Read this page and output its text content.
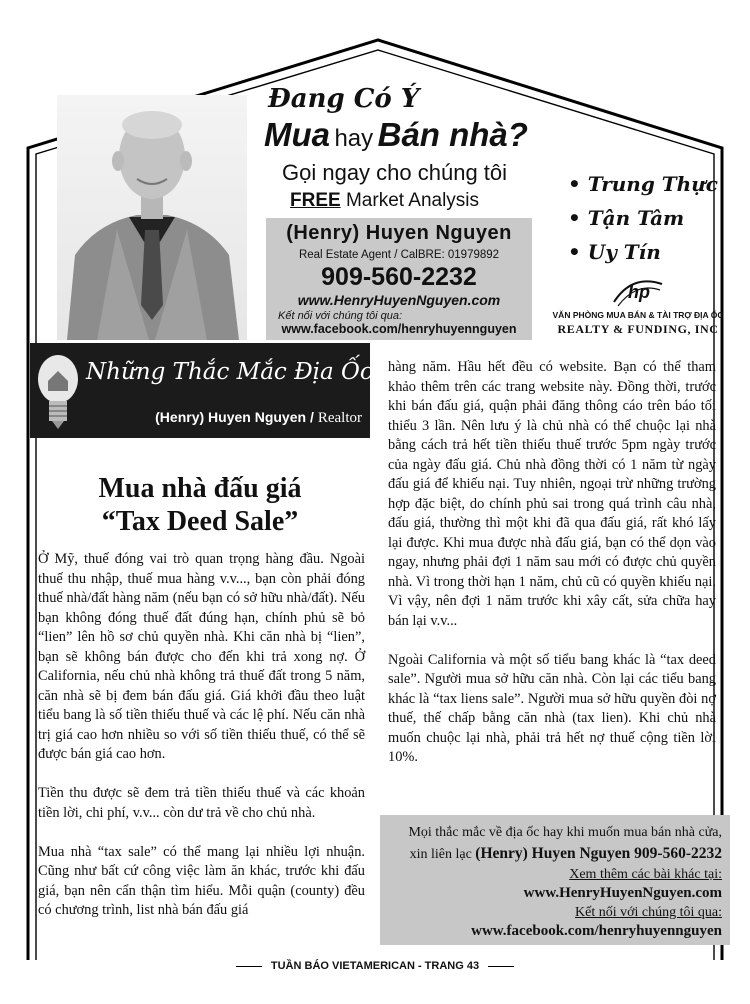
Đang Có Ý
Mua hay Bán nhà?
Gọi ngay cho chúng tôi
FREE Market Analysis
(Henry) Huyen Nguyen
Real Estate Agent / CalBRE: 01979892
909-560-2232
www.HenryHuyenNguyen.com
Kết nối với chúng tôi qua:
www.facebook.com/henryhuyennguyen
• Trung Thực
• Tận Tâm
• Uy Tín
hp
VĂN PHÒNG MUA BÁN & TÀI TRỢ ĐỊA ỐC
REALTY & FUNDING, INC
Những Thắc Mắc Địa Ốc
(Henry) Huyen Nguyen / Realtor
Mua nhà đấu giá
“Tax Deed Sale”

Ở Mỹ, thuế đóng vai trò quan trọng hàng đầu. Ngoài thuế thu nhập, thuế mua hàng v.v..., bạn còn phải đóng thuế nhà/đất hàng năm (nếu bạn có sở hữu nhà/đất). Nếu bạn không đóng thuế đất đúng hạn, chính phủ sẽ bỏ “lien” lên hồ sơ chủ quyền nhà. Khi căn nhà bị “lien”, bạn sẽ không bán được cho đến khi trả xong nợ. Ở California, nếu chủ nhà không trả thuế đất trong 5 năm, căn nhà sẽ bị đem bán đấu giá. Giá khởi đầu theo luật tiểu bang là số tiền thiếu thuế và các lệ phí. Nếu căn nhà trị giá cao hơn nhiều so với số tiền thiếu thuế, có thể sẽ được bán giá cao hơn.

Tiền thu được sẽ đem trả tiền thiếu thuế và các khoản tiền lời, chi phí, v.v... còn dư trả về cho chủ nhà.

Mua nhà “tax sale” có thể mang lại nhiều lợi nhuận. Cũng như bất cứ công việc làm ăn khác, trước khi đấu giá, bạn nên cẩn thận tìm hiểu. Mỗi quận (county) đều có chương trình, list nhà bán đấu giá

hàng năm. Hầu hết đều có website. Bạn có thể tham khảo thêm trên các trang website này. Đồng thời, trước khi bán đấu giá, quận phải đăng thông cáo trên báo tối thiểu 3 lần. Nên lưu ý là chủ nhà có thể chuộc lại nhà bằng cách trả hết tiền thiếu thuế trước 5pm ngày trước của ngày đấu giá. Chủ nhà đồng thời có 1 năm từ ngày đấu giá để khiếu nại. Tuy nhiên, ngoại trừ những trường hợp đặc biệt, do chính phủ sai trong quá trình câu nhà, đấu giá, thường thì một khi đã qua đấu giá, rất khó lấy lại được. Khi mua được nhà đấu giá, bạn có thể dọn vào ngay, nhưng phải đợi 1 năm sau mới có được chủ quyền nhà. Vì trong thời hạn 1 năm, chủ cũ có quyền khiếu nại. Vì vậy, nên đợi 1 năm trước khi xây cất, sửa chữa hay bán lại v.v...

Ngoài California và một số tiểu bang khác là “tax deed sale”. Người mua sở hữu căn nhà. Còn lại các tiểu bang khác là “tax liens sale”. Người mua sở hữu quyền đòi nợ thuế, thế chấp bằng căn nhà (tax lien). Khi chủ nhà muốn chuộc lại nhà, phải trả hết nợ thuế cộng tiền lời 10%.

Mọi thắc mắc về địa ốc hay khi muốn mua bán nhà cửa,
xin liên lạc (Henry) Huyen Nguyen 909-560-2232
Xem thêm các bài khác tại:
www.HenryHuyenNguyen.com
Kết nối với chúng tôi qua:
www.facebook.com/henryhuyennguyen
TUẦN BÁO VIETAMERICAN - TRANG 43
